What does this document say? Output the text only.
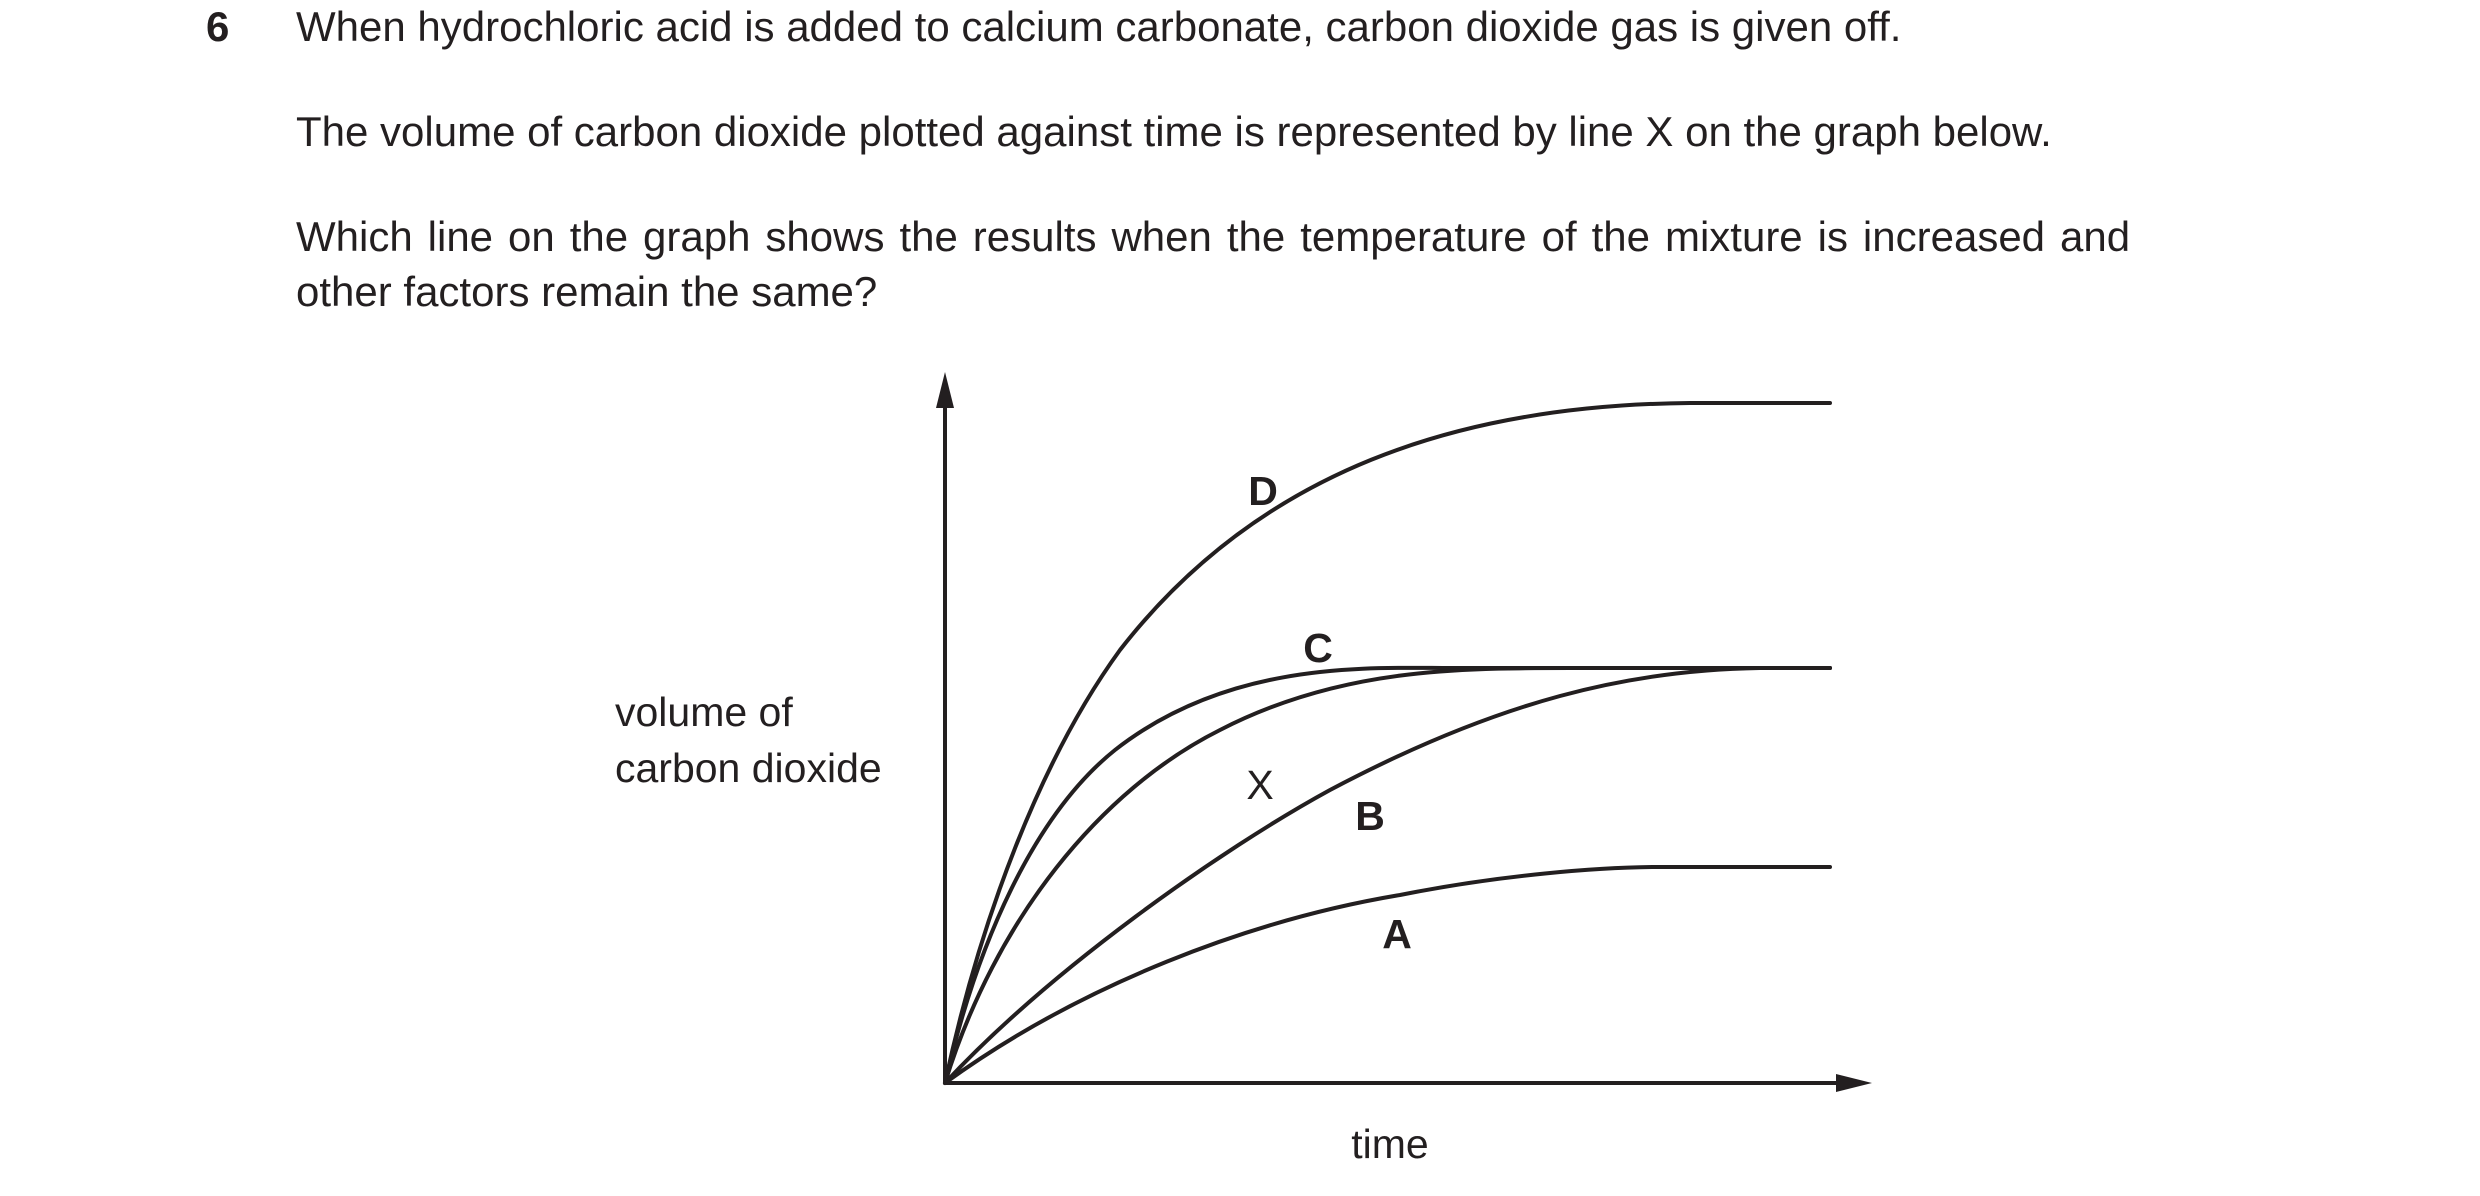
6 When hydrochloric acid is added to calcium carbonate, carbon dioxide gas is given off.
The volume of carbon dioxide plotted against time is represented by line X on the graph below.
Which line on the graph shows the results when the temperature of the mixture is increased and
other factors remain the same?
D
C
X
B
A
volume of
carbon dioxide
time
